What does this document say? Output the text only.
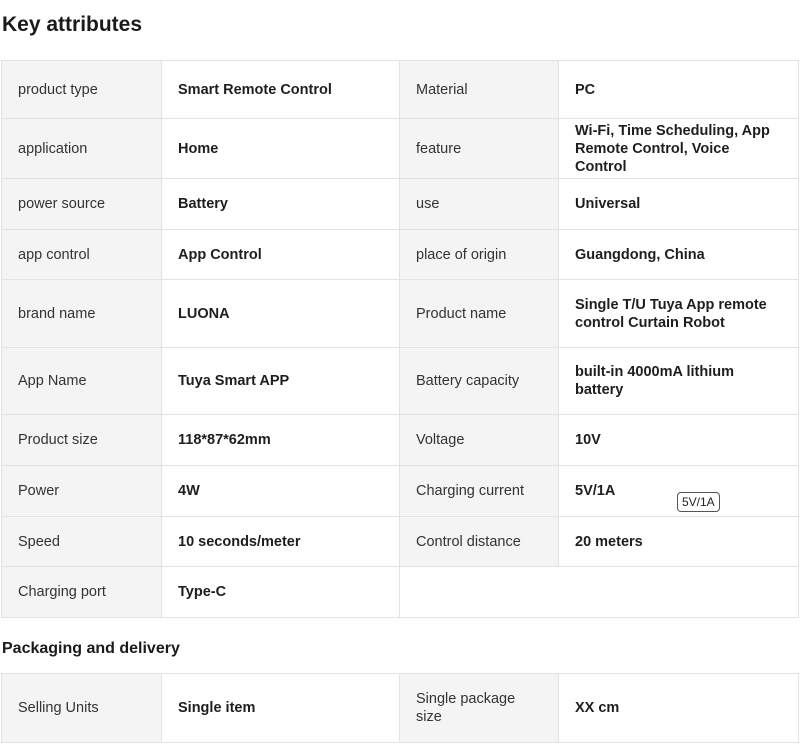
Key attributes
product type	Smart Remote Control	Material	PC
application	Home	feature	Wi-Fi, Time Scheduling, App Remote Control, Voice Control
power source	Battery	use	Universal
app control	App Control	place of origin	Guangdong, China
brand name	LUONA	Product name	Single T/U Tuya App remote control Curtain Robot
App Name	Tuya Smart APP	Battery capacity	built-in 4000mA lithium battery
Product size	118*87*62mm	Voltage	10V
Power	4W	Charging current	5V/1A
Speed	10 seconds/meter	Control distance	20 meters
Charging port	Type-C		
5V/1A
Packaging and delivery
Selling Units	Single item	Single package size	XX cm
